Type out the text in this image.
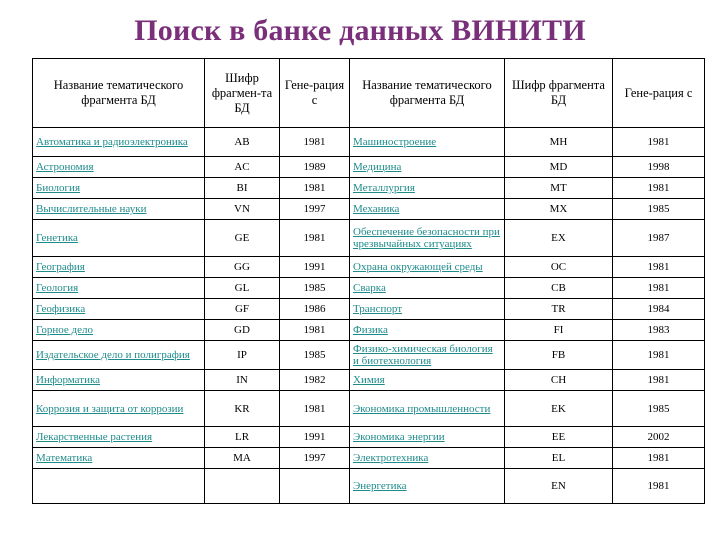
Поиск в банке данных ВИНИТИ
Название тематического фрагмента БД	Шифр фрагмен-та БД	Гене-рация с	Название тематического фрагмента БД	Шифр фрагмента БД	Гене-рация с
Автоматика и радиоэлектроника	AB	1981	Машиностроение	MH	1981
Астрономия	AC	1989	Медицина	MD	1998
Биология	BI	1981	Металлургия	MT	1981
Вычислительные науки	VN	1997	Механика	MX	1985
Генетика	GE	1981	Обеспечение безопасности при чрезвычайных ситуациях	EX	1987
География	GG	1991	Охрана окружающей среды	OC	1981
Геология	GL	1985	Сварка	CB	1981
Геофизика	GF	1986	Транспорт	TR	1984
Горное дело	GD	1981	Физика	FI	1983
Издательское дело и полиграфия	IP	1985	Физико-химическая биология и биотехнология	FB	1981
Информатика	IN	1982	Химия	CH	1981
Коррозия и защита от коррозии	KR	1981	Экономика промышленности	EK	1985
Лекарственные растения	LR	1991	Экономика энергии	EE	2002
Математика	MA	1997	Электротехника	EL	1981
			Энергетика	EN	1981
